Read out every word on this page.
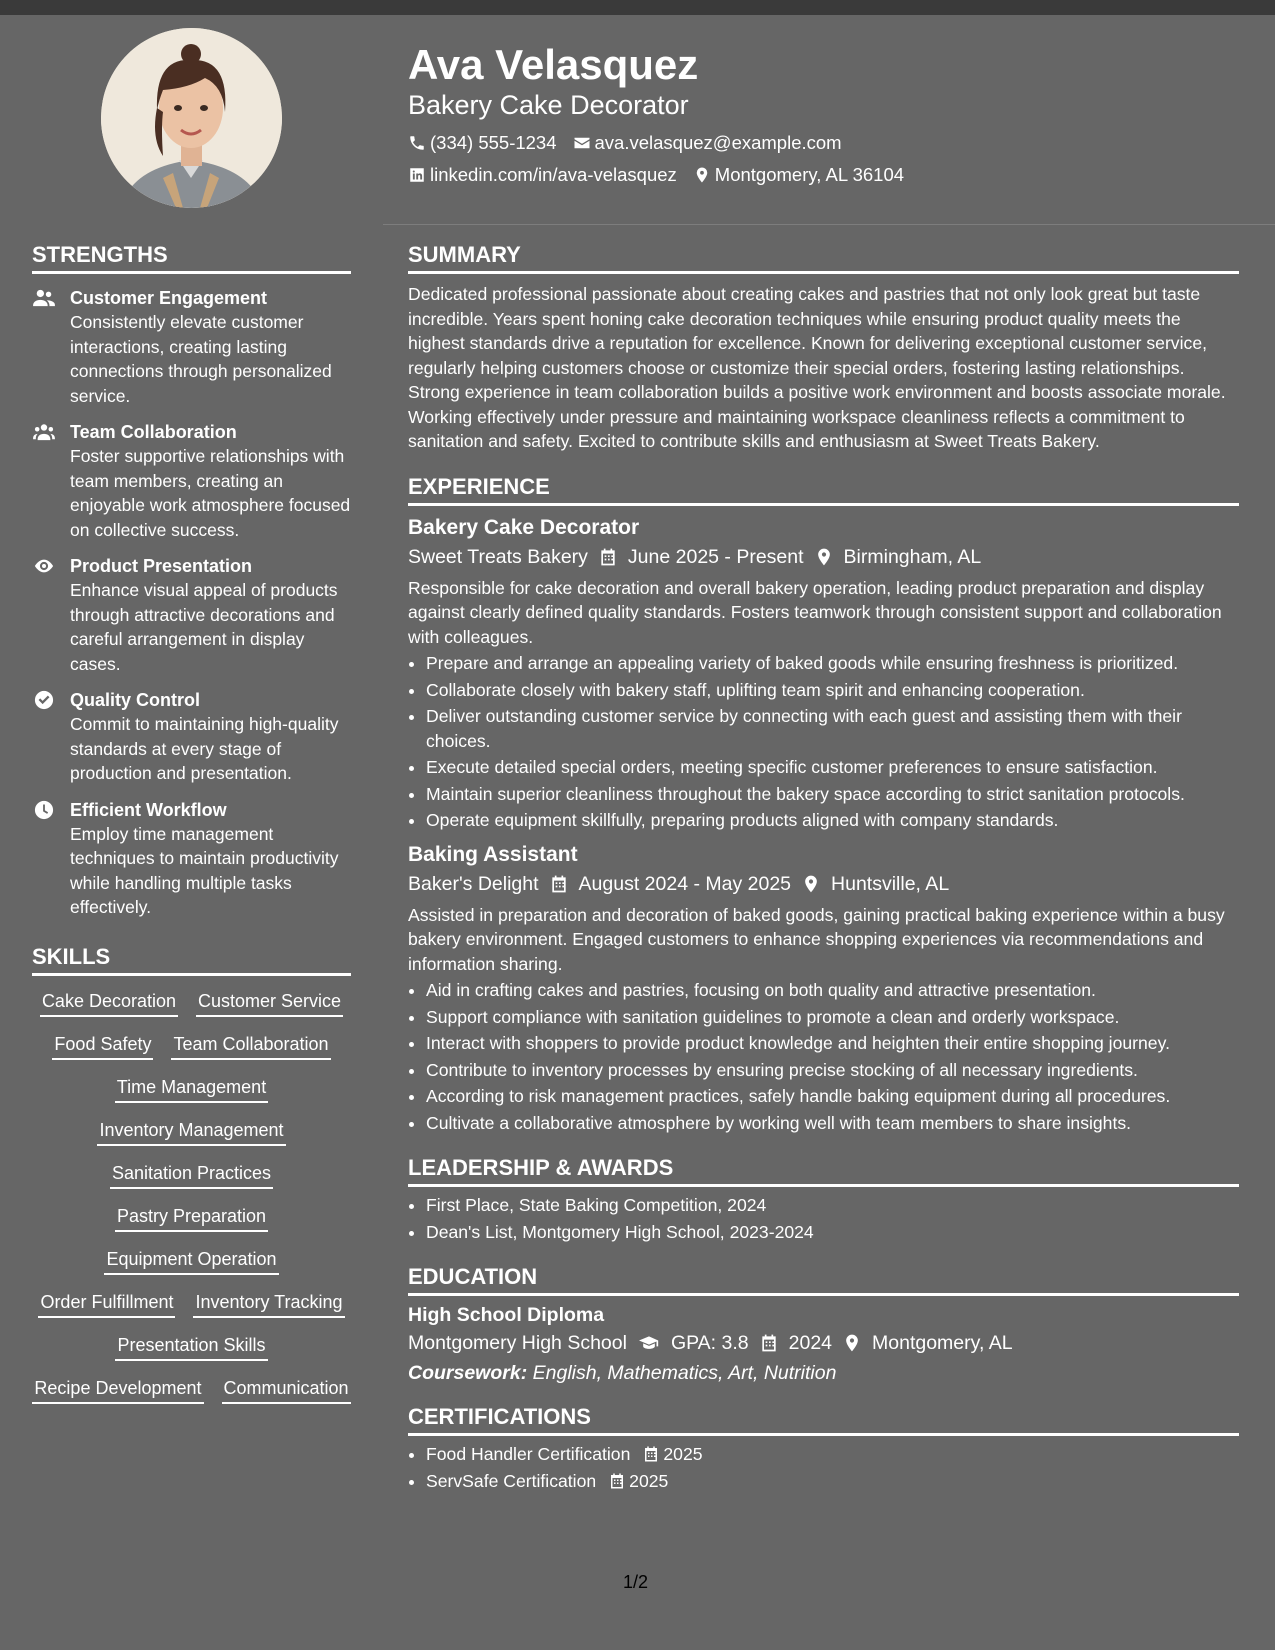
Ava Velasquez
Bakery Cake Decorator
(334) 555-1234 ava.velasquez@example.com
linkedin.com/in/ava-velasquez Montgomery, AL 36104
STRENGTHS
Customer Engagement

Consistently elevate customer interactions, creating lasting connections through personalized service.

Team Collaboration

Foster supportive relationships with team members, creating an enjoyable work atmosphere focused on collective success.

Product Presentation

Enhance visual appeal of products through attractive decorations and careful arrangement in display cases.

Quality Control

Commit to maintaining high-quality standards at every stage of production and presentation.

Efficient Workflow

Employ time management techniques to maintain productivity while handling multiple tasks effectively.

SKILLS
Cake Decoration Customer Service
Food Safety Team Collaboration
Time Management
Inventory Management
Sanitation Practices
Pastry Preparation
Equipment Operation
Order Fulfillment Inventory Tracking
Presentation Skills
Recipe Development Communication
SUMMARY

Dedicated professional passionate about creating cakes and pastries that not only look great but taste incredible. Years spent honing cake decoration techniques while ensuring product quality meets the highest standards drive a reputation for excellence. Known for delivering exceptional customer service, regularly helping customers choose or customize their special orders, fostering lasting relationships. Strong experience in team collaboration builds a positive work environment and boosts associate morale. Working effectively under pressure and maintaining workspace cleanliness reflects a commitment to sanitation and safety. Excited to contribute skills and enthusiasm at Sweet Treats Bakery.

EXPERIENCE
Bakery Cake Decorator
Sweet Treats Bakery June 2025 - Present Birmingham, AL

Responsible for cake decoration and overall bakery operation, leading product preparation and display against clearly defined quality standards. Fosters teamwork through consistent support and collaboration with colleagues.

• Prepare and arrange an appealing variety of baked goods while ensuring freshness is prioritized.
• Collaborate closely with bakery staff, uplifting team spirit and enhancing cooperation.
• Deliver outstanding customer service by connecting with each guest and assisting them with their choices.
• Execute detailed special orders, meeting specific customer preferences to ensure satisfaction.
• Maintain superior cleanliness throughout the bakery space according to strict sanitation protocols.
• Operate equipment skillfully, preparing products aligned with company standards.
Baking Assistant
Baker's Delight August 2024 - May 2025 Huntsville, AL

Assisted in preparation and decoration of baked goods, gaining practical baking experience within a busy bakery environment. Engaged customers to enhance shopping experiences via recommendations and information sharing.

• Aid in crafting cakes and pastries, focusing on both quality and attractive presentation.
• Support compliance with sanitation guidelines to promote a clean and orderly workspace.
• Interact with shoppers to provide product knowledge and heighten their entire shopping journey.
• Contribute to inventory processes by ensuring precise stocking of all necessary ingredients.
• According to risk management practices, safely handle baking equipment during all procedures.
• Cultivate a collaborative atmosphere by working well with team members to share insights.
LEADERSHIP & AWARDS
• First Place, State Baking Competition, 2024
• Dean's List, Montgomery High School, 2023-2024
EDUCATION
High School Diploma
Montgomery High School GPA: 3.8 2024 Montgomery, AL
Coursework: English, Mathematics, Art, Nutrition
CERTIFICATIONS
• Food Handler Certification 2025
• ServSafe Certification 2025
1/2
